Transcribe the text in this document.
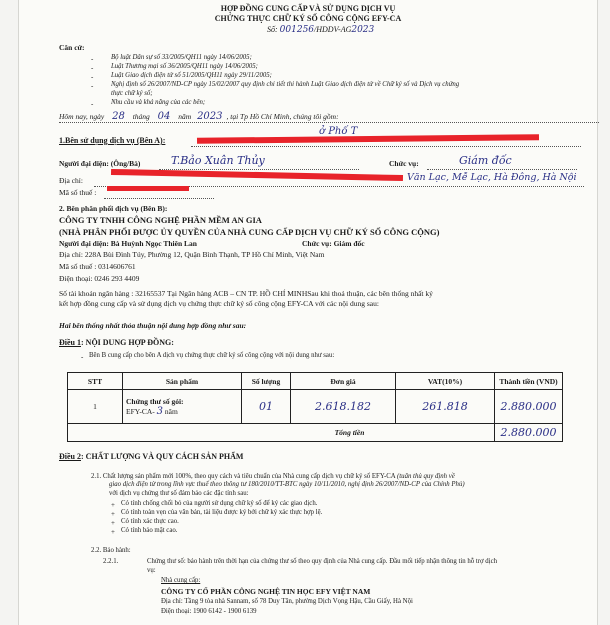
HỢP ĐỒNG CUNG CẤP VÀ SỬ DỤNG DỊCH VỤ
CHỨNG THỰC CHỮ KÝ SỐ CÔNG CỘNG EFY-CA
Số: 001256/HDDV-AG2023
Căn cứ:
-	Bộ luật Dân sự số 33/2005/QH11 ngày 14/06/2005;
-	Luật Thương mại số 36/2005/QH11 ngày 14/06/2005;
-	Luật Giao dịch điện tử số 51/2005/QH11 ngày 29/11/2005;
-	Nghị định số 26/2007/ND-CP ngày 15/02/2007 quy định chi tiết thi hành Luật Giao dịch điện tử về Chữ ký số và Dịch vụ chứng
thực chữ ký số;
-	Nhu cầu và khả năng của các bên;
Hôm nay, ngày 28 tháng 04 năm 2023 , tại Tp Hồ Chí Minh, chúng tôi gồm:
1.Bên sử dụng dịch vụ (Bên A):
ở Phố T
Người đại diện: (Ông/Bà)	T.Bảo Xuân Thủy	Chức vụ:	Giám đốc
Địa chỉ:	Văn Lạc, Mễ Lạc, Hà Đông, Hà Nội
Mã số thuế :
2. Bên phân phối dịch vụ (Bên B):
CÔNG TY TNHH CÔNG NGHỆ PHẦN MỀM AN GIA
(NHÀ PHÂN PHỐI ĐƯỢC ỦY QUYỀN CỦA NHÀ CUNG CẤP DỊCH VỤ CHỮ KÝ SỐ CÔNG CỘNG)
Người đại diện: Bà Huỳnh Ngọc Thiên Lan	Chức vụ: Giám đốc
Địa chỉ: 228A Bùi Đình Túy, Phường 12, Quận Bình Thạnh, TP Hồ Chí Minh, Việt Nam
Mã số thuế : 0314606761
Điện thoại: 0246 293 4409
Số tài khoản ngân hàng : 32165537 Tại Ngân hàng ACB – CN TP. HỒ CHÍ MINHSau khi thoả thuận, các bên thống nhất ký
kết hợp đồng cung cấp và sử dụng dịch vụ chứng thực chữ ký số công cộng EFY-CA với các nội dung sau:
Hai bên thống nhất thỏa thuận nội dung hợp đồng như sau:
Điều 1: NỘI DUNG HỢP ĐỒNG:
- Bên B cung cấp cho bên A dịch vụ chứng thực chữ ký số công cộng với nội dung như sau:
STT	Sản phẩm	Số lượng	Đơn giá	VAT(10%)	Thành tiền (VND)
1	Chứng thư số gói:
EFY-CA- 3 năm	01	2.618.182	261.818	2.880.000
Tổng tiền					2.880.000
Điều 2: CHẤT LƯỢNG VÀ QUY CÁCH SẢN PHẨM
2.1. Chất lượng sản phẩm mới 100%, theo quy cách và tiêu chuẩn của Nhà cung cấp dịch vụ chữ ký số EFY-CA (tuân thủ quy định về
giao dịch điện tử trong lĩnh vực thuế theo thông tư 180/2010/TT-BTC ngày 10/11/2010, nghị định 26/2007/ND-CP của Chính Phủ)
với dịch vụ chứng thư số đảm bảo các đặc tính sau:
+ Có tính chống chối bỏ của người sử dụng chữ ký số để ký các giao dịch.
+ Có tính toàn vẹn của văn bản, tài liệu được ký bởi chữ ký xác thực hợp lệ.
+ Có tính xác thực cao.
+ Có tính bảo mật cao.
2.2. Bảo hành:
2.2.1.	Chứng thư số: bảo hành trên thời hạn của chứng thư số theo quy định của Nhà cung cấp. Đầu mối tiếp nhận thông tin hỗ trợ dịch
vụ:
Nhà cung cấp:
CÔNG TY CỔ PHẦN CÔNG NGHỆ TIN HỌC EFY VIỆT NAM
Địa chỉ: Tầng 9 tòa nhà Sannam, số 78 Duy Tân, phường Dịch Vọng Hậu, Cầu Giấy, Hà Nội
Điện thoại: 1900 6142 - 1900 6139
